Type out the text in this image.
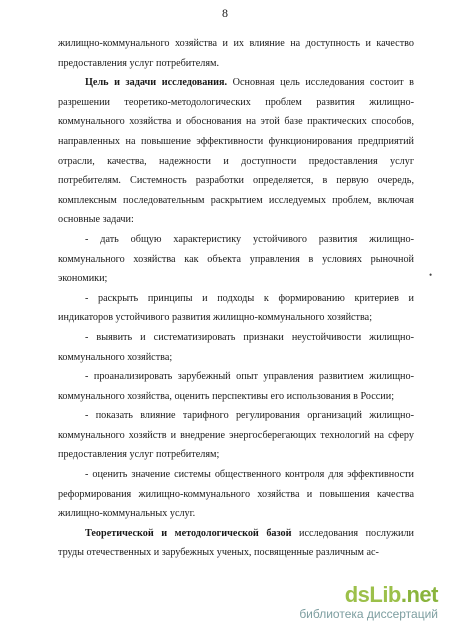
8

жилищно-коммунального хозяйства и их влияние на доступность и качество предоставления услуг потребителям.

Цель и задачи исследования. Основная цель исследования состоит в разрешении теоретико-методологических проблем развития жилищно-коммунального хозяйства и обоснования на этой базе практических способов, направленных на повышение эффективности функционирования предприятий отрасли, качества, надежности и доступности предоставления услуг потребителям. Системность разработки определяется, в первую очередь, комплексным последовательным раскрытием исследуемых проблем, включая основные задачи:

- дать общую характеристику устойчивого развития жилищно-коммунального хозяйства как объекта управления в условиях рыночной экономики;

- раскрыть принципы и подходы к формированию критериев и индикаторов устойчивого развития жилищно-коммунального хозяйства;

- выявить и систематизировать признаки неустойчивости жилищно-коммунального хозяйства;

- проанализировать зарубежный опыт управления развитием жилищно-коммунального хозяйства, оценить перспективы его использования в России;

- показать влияние тарифного регулирования организаций жилищно-коммунального хозяйств и внедрение энергосберегающих технологий на сферу предоставления услуг потребителям;

- оценить значение системы общественного контроля для эффективности реформирования жилищно-коммунального хозяйства и повышения качества жилищно-коммунальных услуг.

Теоретической и методологической базой исследования послужили труды отечественных и зарубежных ученых, посвященные различным ас-

•
dsLib.net
библиотека диссертаций
